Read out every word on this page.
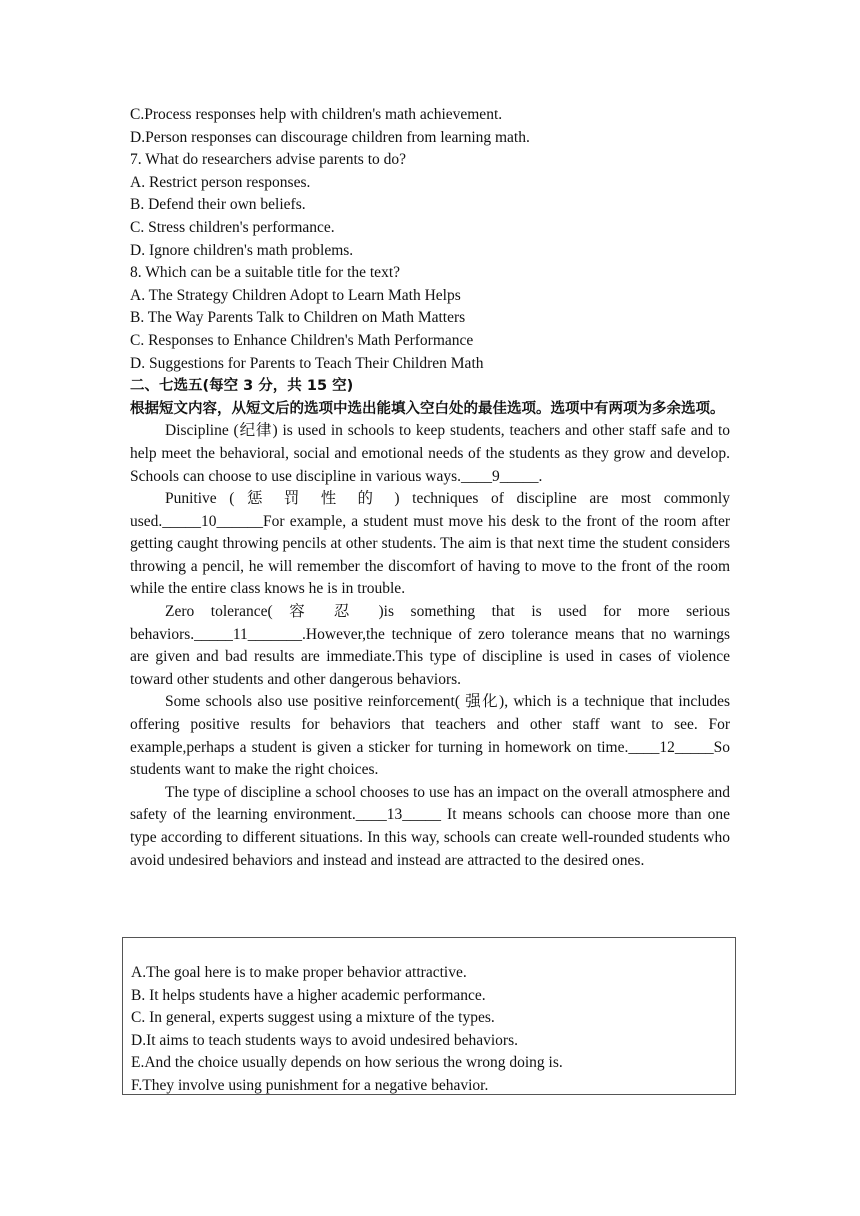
C.Process responses help with children's math achievement.
D.Person responses can discourage children from learning math.
7. What do researchers advise parents to do?
A. Restrict person responses.
B. Defend their own beliefs.
C. Stress children's performance.
D. Ignore children's math problems.
8. Which can be a suitable title for the text?
A. The Strategy Children Adopt to Learn Math Helps
B. The Way Parents Talk to Children on Math Matters
C. Responses to Enhance Children's Math Performance
D. Suggestions for Parents to Teach Their Children Math
二、七选五(每空 3 分，共 15 空)
根据短文内容，从短文后的选项中选出能填入空白处的最佳选项。选项中有两项为多余选项。

Discipline (纪律) is used in schools to keep students, teachers and other staff safe and to help meet the behavioral, social and emotional needs of the students as they grow and develop. Schools can choose to use discipline in various ways.____9_____.

Punitive ( 惩 罚 性 的 ) techniques of discipline are most commonly used._____10______For example, a student must move his desk to the front of the room after getting caught throwing pencils at other students. The aim is that next time the student considers throwing a pencil, he will remember the discomfort of having to move to the front of the room while the entire class knows he is in trouble.

Zero tolerance( 容 忍 )is something that is used for more serious behaviors._____11_______.However,the technique of zero tolerance means that no warnings are given and bad results are immediate.This type of discipline is used in cases of violence toward other students and other dangerous behaviors.

Some schools also use positive reinforcement( 强化), which is a technique that includes offering positive results for behaviors that teachers and other staff want to see. For example,perhaps a student is given a sticker for turning in homework on time.____12_____So students want to make the right choices.

The type of discipline a school chooses to use has an impact on the overall atmosphere and safety of the learning environment.____13_____ It means schools can choose more than one type according to different situations. In this way, schools can create well-rounded students who avoid undesired behaviors and instead and instead are attracted to the desired ones.

A.The goal here is to make proper behavior attractive.
B. It helps students have a higher academic performance.
C. In general, experts suggest using a mixture of the types.
D.It aims to teach students ways to avoid undesired behaviors.
E.And the choice usually depends on how serious the wrong doing is.
F.They involve using punishment for a negative behavior.
